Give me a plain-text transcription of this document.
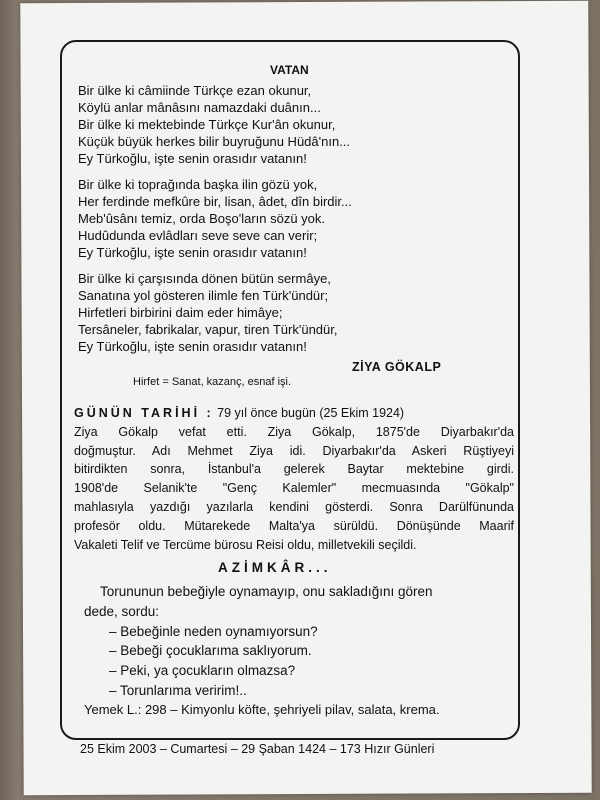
VATAN
Bir ülke ki câmiinde Türkçe ezan okunur,
Köylü anlar mânâsını namazdaki duânın...
Bir ülke ki mektebinde Türkçe Kur'ân okunur,
Küçük büyük herkes bilir buyruğunu Hüdâ'nın...
Ey Türkoğlu, işte senin orasıdır vatanın!
Bir ülke ki toprağında başka ilin gözü yok,
Her ferdinde mefkûre bir, lisan, âdet, dîn birdir...
Meb'ûsânı temiz, orda Boşo'ların sözü yok.
Hudûdunda evlâdları seve seve can verir;
Ey Türkoğlu, işte senin orasıdır vatanın!
Bir ülke ki çarşısında dönen bütün sermâye,
Sanatına yol gösteren ilimle fen Türk'ündür;
Hirfetleri birbirini daim eder himâye;
Tersâneler, fabrikalar, vapur, tiren Türk'ündür,
Ey Türkoğlu, işte senin orasıdır vatanın!
ZİYA GÖKALP
Hirfet = Sanat, kazanç, esnaf işi.
GÜNÜN TARİHİ : 79 yıl önce bugün (25 Ekim 1924)
Ziya Gökalp vefat etti. Ziya Gökalp, 1875'de Diyarbakır'da
doğmuştur. Adı Mehmet Ziya idi. Diyarbakır'da Askeri Rüştiyeyi
bitirdikten sonra, İstanbul'a gelerek Baytar mektebine girdi.
1908'de Selanik'te "Genç Kalemler" mecmuasında "Gökalp"
mahlasıyla yazdığı yazılarla kendini gösterdi. Sonra Darülfünunda
profesör oldu. Mütarekede Malta'ya sürüldü. Dönüşünde Maarif
Vakaleti Telif ve Tercüme bürosu Reisi oldu, milletvekili seçildi.
AZİMKÂR...
Torununun bebeğiyle oynamayıp, onu sakladığını gören
dede, sordu:
– Bebeğinle neden oynamıyorsun?
– Bebeği çocuklarıma saklıyorum.
– Peki, ya çocukların olmazsa?
– Torunlarıma veririm!..
Yemek L.: 298 – Kimyonlu köfte, şehriyeli pilav, salata, krema.
25 Ekim 2003 – Cumartesi – 29 Şaban 1424 – 173 Hızır Günleri
